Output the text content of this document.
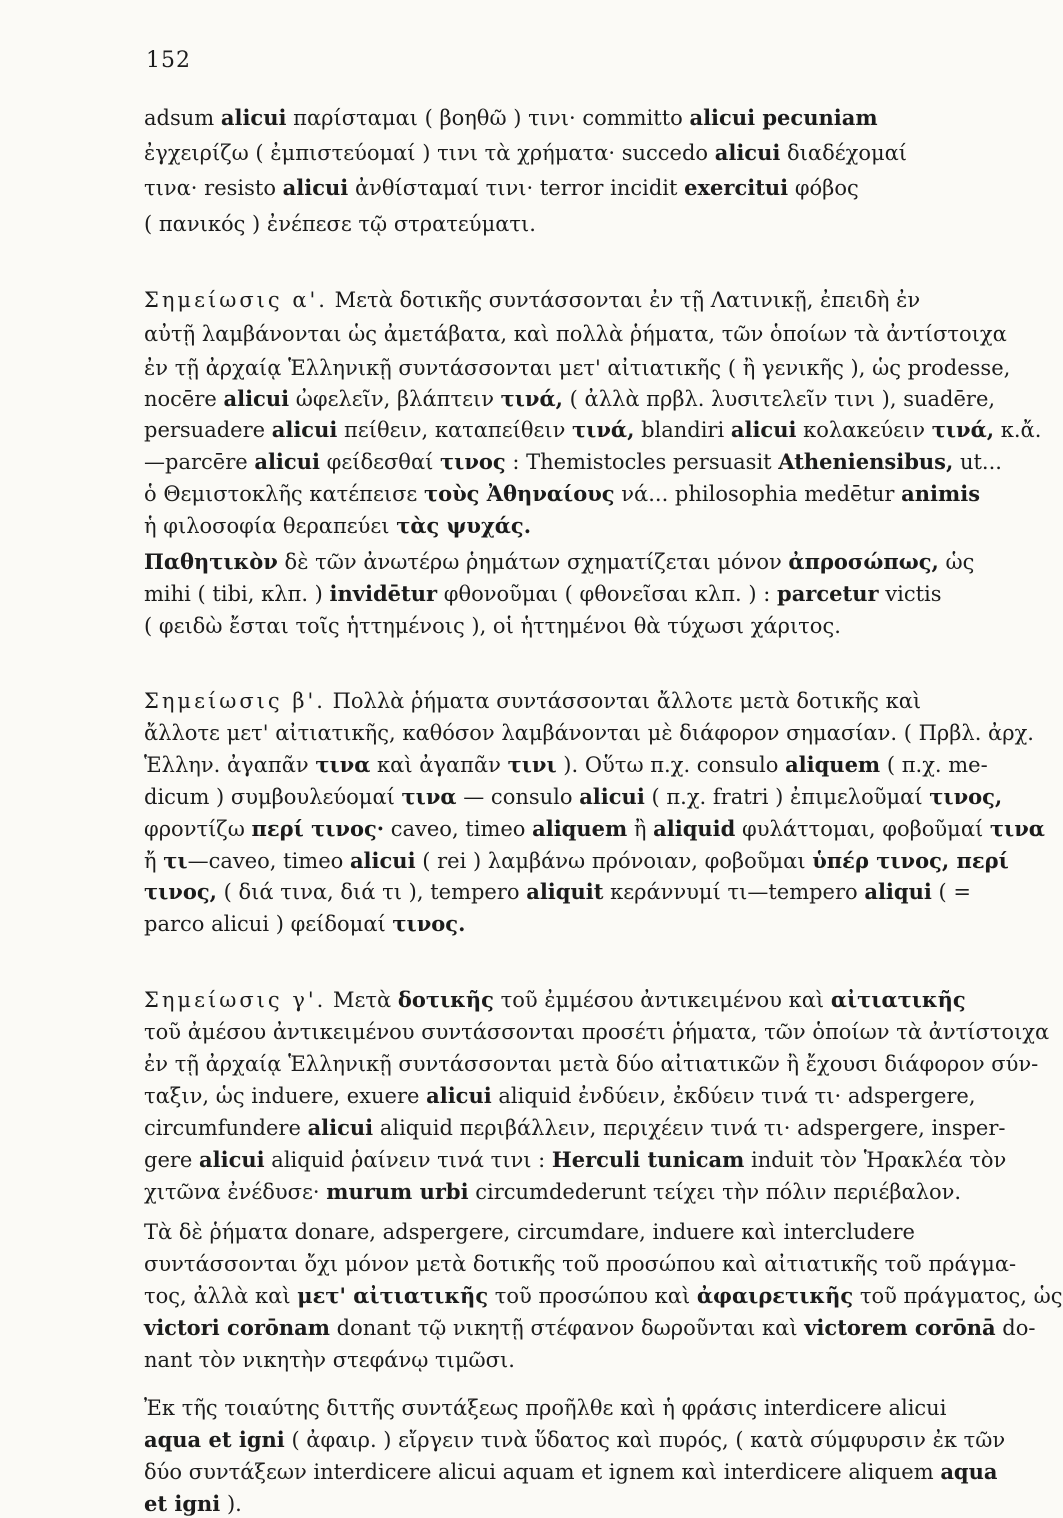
152
adsum alicui παρίσταμαι ( βοηθῶ ) τινι· committo alicui pecuniam
ἐγχειρίζω ( ἐμπιστεύομαί ) τινι τὰ χρήματα· succedo alicui διαδέχομαί
τινα· resisto alicui ἀνθίσταμαί τινι· terror incidit exercitui φόβος
( πανικός ) ἐνέπεσε τῷ στρατεύματι.
Σημείωσις α'. Μετὰ δοτικῆς συντάσσονται ἐν τῇ Λατινικῇ, ἐπειδὴ ἐν
αὐτῇ λαμβάνονται ὡς ἀμετάβατα, καὶ πολλὰ ῥήματα, τῶν ὁποίων τὰ ἀντίστοιχα
ἐν τῇ ἀρχαίᾳ Ἑλληνικῇ συντάσσονται μετ' αἰτιατικῆς ( ἢ γενικῆς ), ὡς prodesse,
nocēre alicui ὠφελεῖν, βλάπτειν τινά, ( ἀλλὰ πρβλ. λυσιτελεῖν τινι ), suadēre,
persuadere alicui πείθειν, καταπείθειν τινά, blandiri alicui κολακεύειν τινά, κ.ἄ.
—parcēre alicui φείδεσθαί τινος : Themistocles persuasit Atheniensibus, ut...
ὁ Θεμιστοκλῆς κατέπεισε τοὺς Ἀθηναίους νά... philosophia medētur animis
ἡ φιλοσοφία θεραπεύει τὰς ψυχάς.
Παθητικὸν δὲ τῶν ἀνωτέρω ῥημάτων σχηματίζεται μόνον ἀπροσώπως, ὡς
mihi ( tibi, κλπ. ) invidētur φθονοῦμαι ( φθονεῖσαι κλπ. ) : parcetur victis
( φειδὼ ἔσται τοῖς ἡττημένοις ), οἱ ἡττημένοι θὰ τύχωσι χάριτος.
Σημείωσις β'. Πολλὰ ῥήματα συντάσσονται ἄλλοτε μετὰ δοτικῆς καὶ
ἄλλοτε μετ' αἰτιατικῆς, καθόσον λαμβάνονται μὲ διάφορον σημασίαν. ( Πρβλ. ἀρχ.
Ἑλλην. ἀγαπᾶν τινα καὶ ἀγαπᾶν τινι ). Οὕτω π.χ. consulo aliquem ( π.χ. me-
dicum ) συμβουλεύομαί τινα — consulo alicui ( π.χ. fratri ) ἐπιμελοῦμαί τινος,
φροντίζω περί τινος· caveo, timeo aliquem ἢ aliquid φυλάττομαι, φοβοῦμαί τινα
ἤ τι—caveo, timeo alicui ( rei ) λαμβάνω πρόνοιαν, φοβοῦμαι ὑπέρ τινος, περί
τινος, ( διά τινα, διά τι ), tempero aliquit κεράννυμί τι—tempero aliqui ( =
parco alicui ) φείδομαί τινος.
Σημείωσις γ'. Μετὰ δοτικῆς τοῦ ἐμμέσου ἀντικειμένου καὶ αἰτιατικῆς
τοῦ ἀμέσου ἀντικειμένου συντάσσονται προσέτι ῥήματα, τῶν ὁποίων τὰ ἀντίστοιχα
ἐν τῇ ἀρχαίᾳ Ἑλληνικῇ συντάσσονται μετὰ δύο αἰτιατικῶν ἢ ἔχουσι διάφορον σύν-
ταξιν, ὡς induere, exuere alicui aliquid ἐνδύειν, ἐκδύειν τινά τι· adspergere,
circumfundere alicui aliquid περιβάλλειν, περιχέειν τινά τι· adspergere, insper-
gere alicui aliquid ῥαίνειν τινά τινι : Herculi tunicam induit τὸν Ἡρακλέα τὸν
χιτῶνα ἐνέδυσε· murum urbi circumdederunt τείχει τὴν πόλιν περιέβαλον.
Τὰ δὲ ῥήματα donare, adspergere, circumdare, induere καὶ intercludere
συντάσσονται ὄχι μόνον μετὰ δοτικῆς τοῦ προσώπου καὶ αἰτιατικῆς τοῦ πράγμα-
τος, ἀλλὰ καὶ μετ' αἰτιατικῆς τοῦ προσώπου καὶ ἀφαιρετικῆς τοῦ πράγματος, ὡς
victori corōnam donant τῷ νικητῇ στέφανον δωροῦνται καὶ victorem corōnā do-
nant τὸν νικητὴν στεφάνῳ τιμῶσι.
Ἐκ τῆς τοιαύτης διττῆς συντάξεως προῆλθε καὶ ἡ φράσις interdicere alicui
aqua et igni ( ἀφαιρ. ) εἴργειν τινὰ ὕδατος καὶ πυρός, ( κατὰ σύμφυρσιν ἐκ τῶν
δύο συντάξεων interdicere alicui aquam et ignem καὶ interdicere aliquem aqua
et igni ).
